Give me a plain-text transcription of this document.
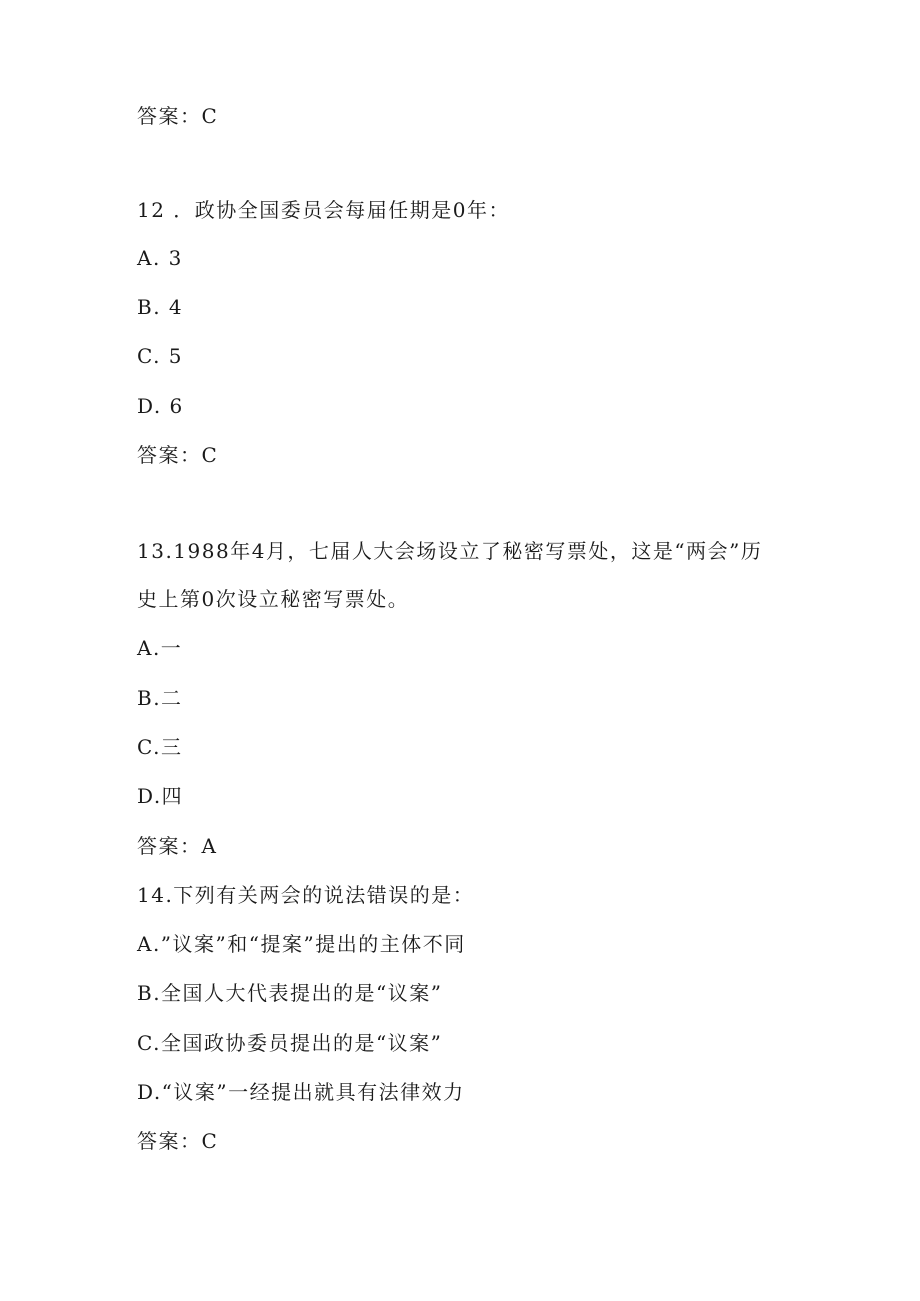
答案：C
12 ．政协全国委员会每届任期是0年：
A. 3
B. 4
C. 5
D. 6
答案：C
13.1988年4月，七届人大会场设立了秘密写票处，这是“两会”历
史上第0次设立秘密写票处。
A.一
B.二
C.三
D.四
答案：A
14.下列有关两会的说法错误的是：
A.”议案”和“提案”提出的主体不同
B.全国人大代表提出的是“议案”
C.全国政协委员提出的是“议案”
D.“议案”一经提出就具有法律效力
答案：C
